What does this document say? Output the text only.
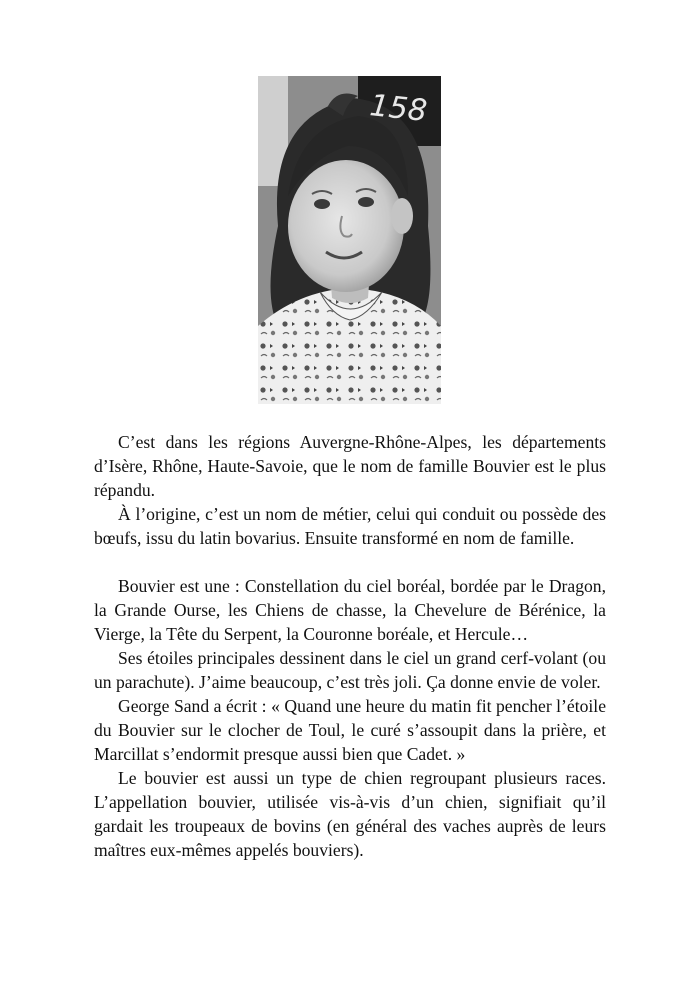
158

C’est dans les régions Auvergne-Rhône-Alpes, les départements d’Isère, Rhône, Haute-Savoie, que le nom de famille Bouvier est le plus répandu.

À l’origine, c’est un nom de métier, celui qui conduit ou possède des bœufs, issu du latin bovarius. Ensuite transformé en nom de famille.

Bouvier est une : Constellation du ciel boréal, bordée par le Dragon, la Grande Ourse, les Chiens de chasse, la Chevelure de Bérénice, la Vierge, la Tête du Serpent, la Couronne boréale, et Hercule…

Ses étoiles principales dessinent dans le ciel un grand cerf-volant (ou un parachute). J’aime beaucoup, c’est très joli. Ça donne envie de voler.

George Sand a écrit : « Quand une heure du matin fit pencher l’étoile du Bouvier sur le clocher de Toul, le curé s’assoupit dans la prière, et Marcillat s’endormit presque aussi bien que Cadet. »

Le bouvier est aussi un type de chien regroupant plusieurs races. L’appellation bouvier, utilisée vis-à-vis d’un chien, signifiait qu’il gardait les troupeaux de bovins (en général des vaches auprès de leurs maîtres eux-mêmes appelés bouviers).
